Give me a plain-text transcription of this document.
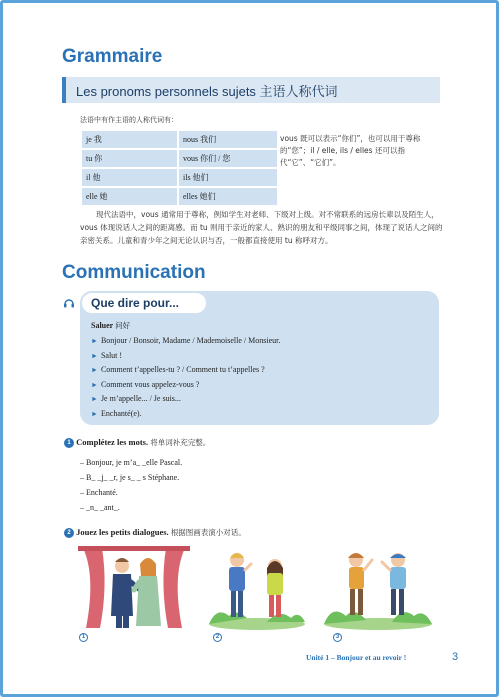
Grammaire
Les pronoms personnels sujets 主语人称代词
法语中有作主语的人称代词有：
je 我	nous 我们
tu 你	vous 你们 / 您
il 他	ils 他们
elle 她	elles 她们
vous 既可以表示“你们”，也可以用于尊称的“您”；il / elle, ils / elles 还可以指代“它”、“它们”。
现代法语中，vous 通常用于尊称，例如学生对老师、下级对上级。对不常联系的远房长辈以及陌生人，vous 体现说话人之间的距离感。而 tu 则用于亲近的家人、熟识的朋友和平级同事之间，体现了说话人之间的亲密关系。儿童和青少年之间无论认识与否，一般都直接使用 tu 称呼对方。
Communication
Que dire pour...
Saluer 问好
► Bonjour / Bonsoir, Madame / Mademoiselle / Monsieur.
► Salut !
► Comment t’appelles-tu ? / Comment tu t’appelles ?
► Comment vous appelez-vous ?
► Je m’appelle... / Je suis...
► Enchanté(e).
1 Complétez les mots. 将单词补充完整。
– Bonjour, je m’a_ _elle Pascal.
– B_ _j_ _r, je s_ _ s Stéphane.
– Enchanté.
– _n_ _ant_.
2 Jouez les petits dialogues. 根据图画表演小对话。
1	2	3
Unité 1 – Bonjour et au revoir !	3
